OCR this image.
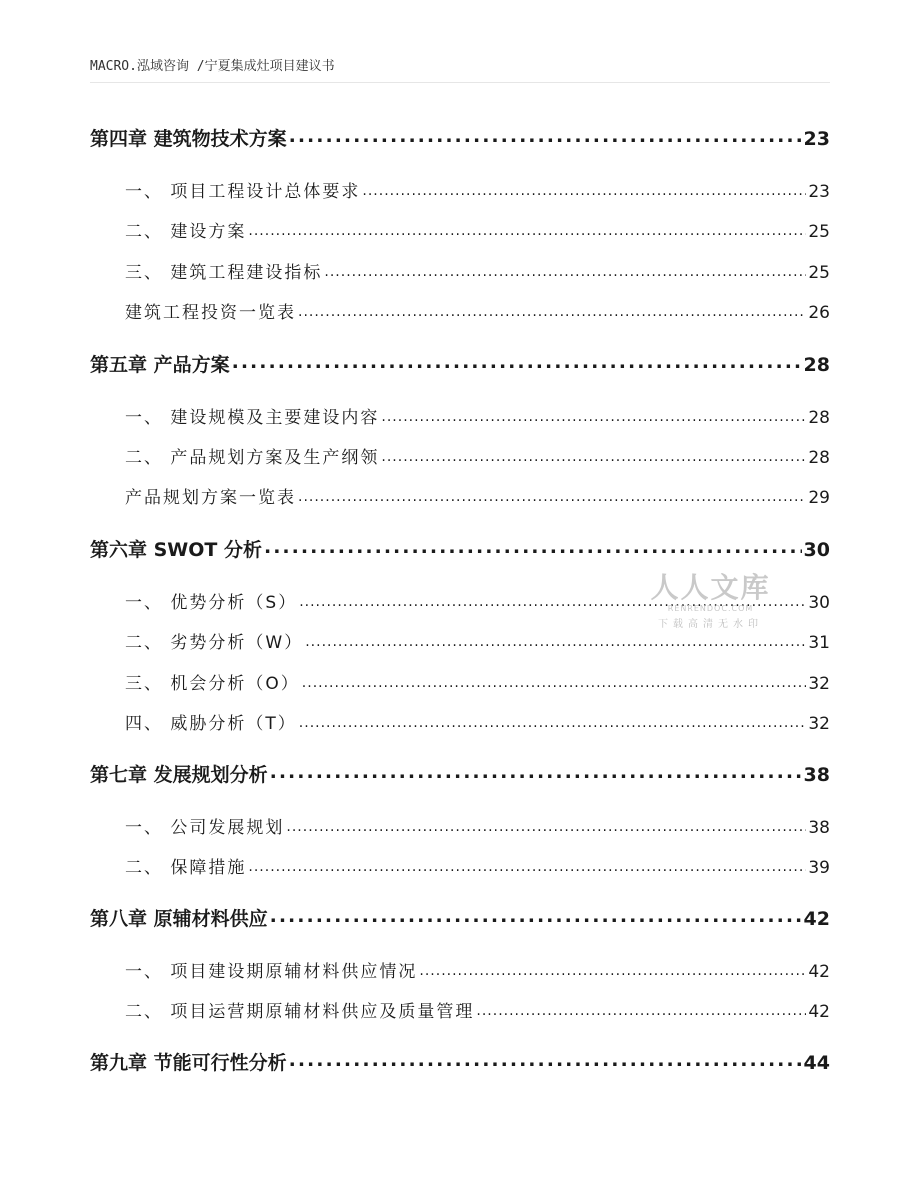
MACRO.泓域咨询 /宁夏集成灶项目建议书
第四章 建筑物技术方案 .....	23
一、 项目工程设计总体要求 .....	23
二、 建设方案 .....	25
三、 建筑工程建设指标 .....	25
建筑工程投资一览表 .....	26
第五章 产品方案 .....	28
一、 建设规模及主要建设内容 .....	28
二、 产品规划方案及生产纲领 .....	28
产品规划方案一览表 .....	29
第六章 SWOT 分析 .....	30
一、 优势分析（S） .....	30
二、 劣势分析（W） .....	31
三、 机会分析（O） .....	32
四、 威胁分析（T） .....	32
第七章 发展规划分析 .....	38
一、 公司发展规划 .....	38
二、 保障措施 .....	39
第八章 原辅材料供应 .....	42
一、 项目建设期原辅材料供应情况 .....	42
二、 项目运营期原辅材料供应及质量管理 .....	42
第九章 节能可行性分析 .....	44
人人文库
RENRENDOC.COM
下载高清无水印
